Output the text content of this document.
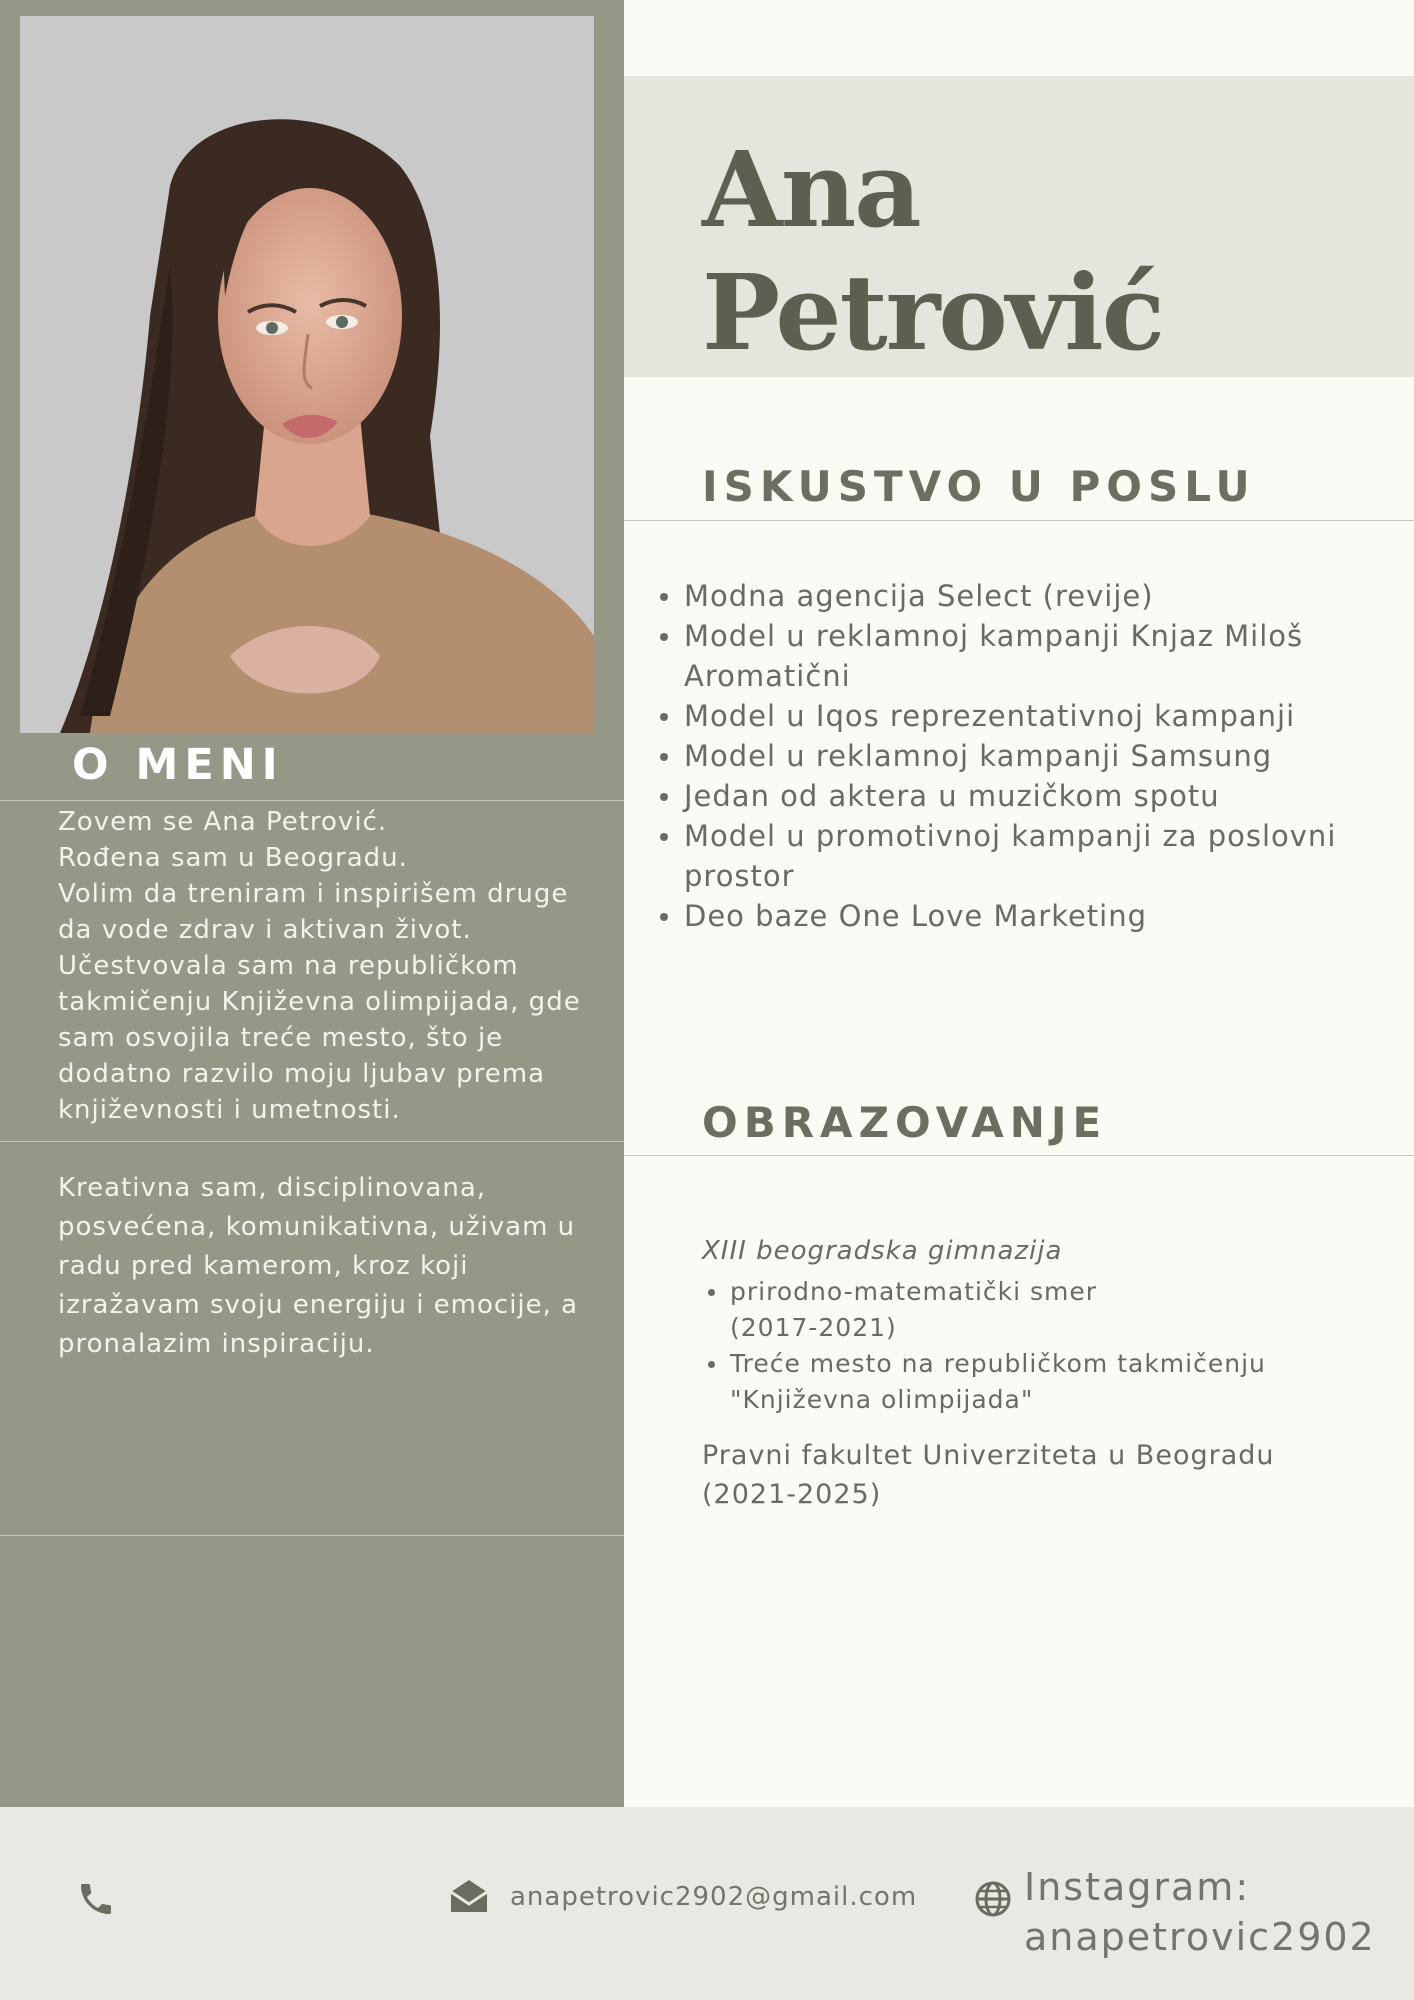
O MENI

Zovem se Ana Petrović.
Rođena sam u Beogradu.
Volim da treniram i inspirišem druge
da vode zdrav i aktivan život.
Učestvovala sam na republičkom
takmičenju Književna olimpijada, gde
sam osvojila treće mesto, što je
dodatno razvilo moju ljubav prema
književnosti i umetnosti.

Kreativna sam, disciplinovana,
posvećena, komunikativna, uživam u
radu pred kamerom, kroz koji
izražavam svoju energiju i emocije, a
pronalazim inspiraciju.

Ana Petrović
ISKUSTVO U POSLU
Modna agencija Select (revije)
Model u reklamnoj kampanji Knjaz Miloš Aromatični
Model u Iqos reprezentativnoj kampanji
Model u reklamnoj kampanji Samsung
Jedan od aktera u muzičkom spotu
Model u promotivnoj kampanji za poslovni prostor
Deo baze One Love Marketing
OBRAZOVANJE

XIII beogradska gimnazija

prirodno-matematički smer
(2017-2021)
Treće mesto na republičkom takmičenju
"Književna olimpijada"

Pravni fakultet Univerziteta u Beogradu
(2021-2025)

anapetrovic2902@gmail.com	Instagram:
anapetrovic2902
